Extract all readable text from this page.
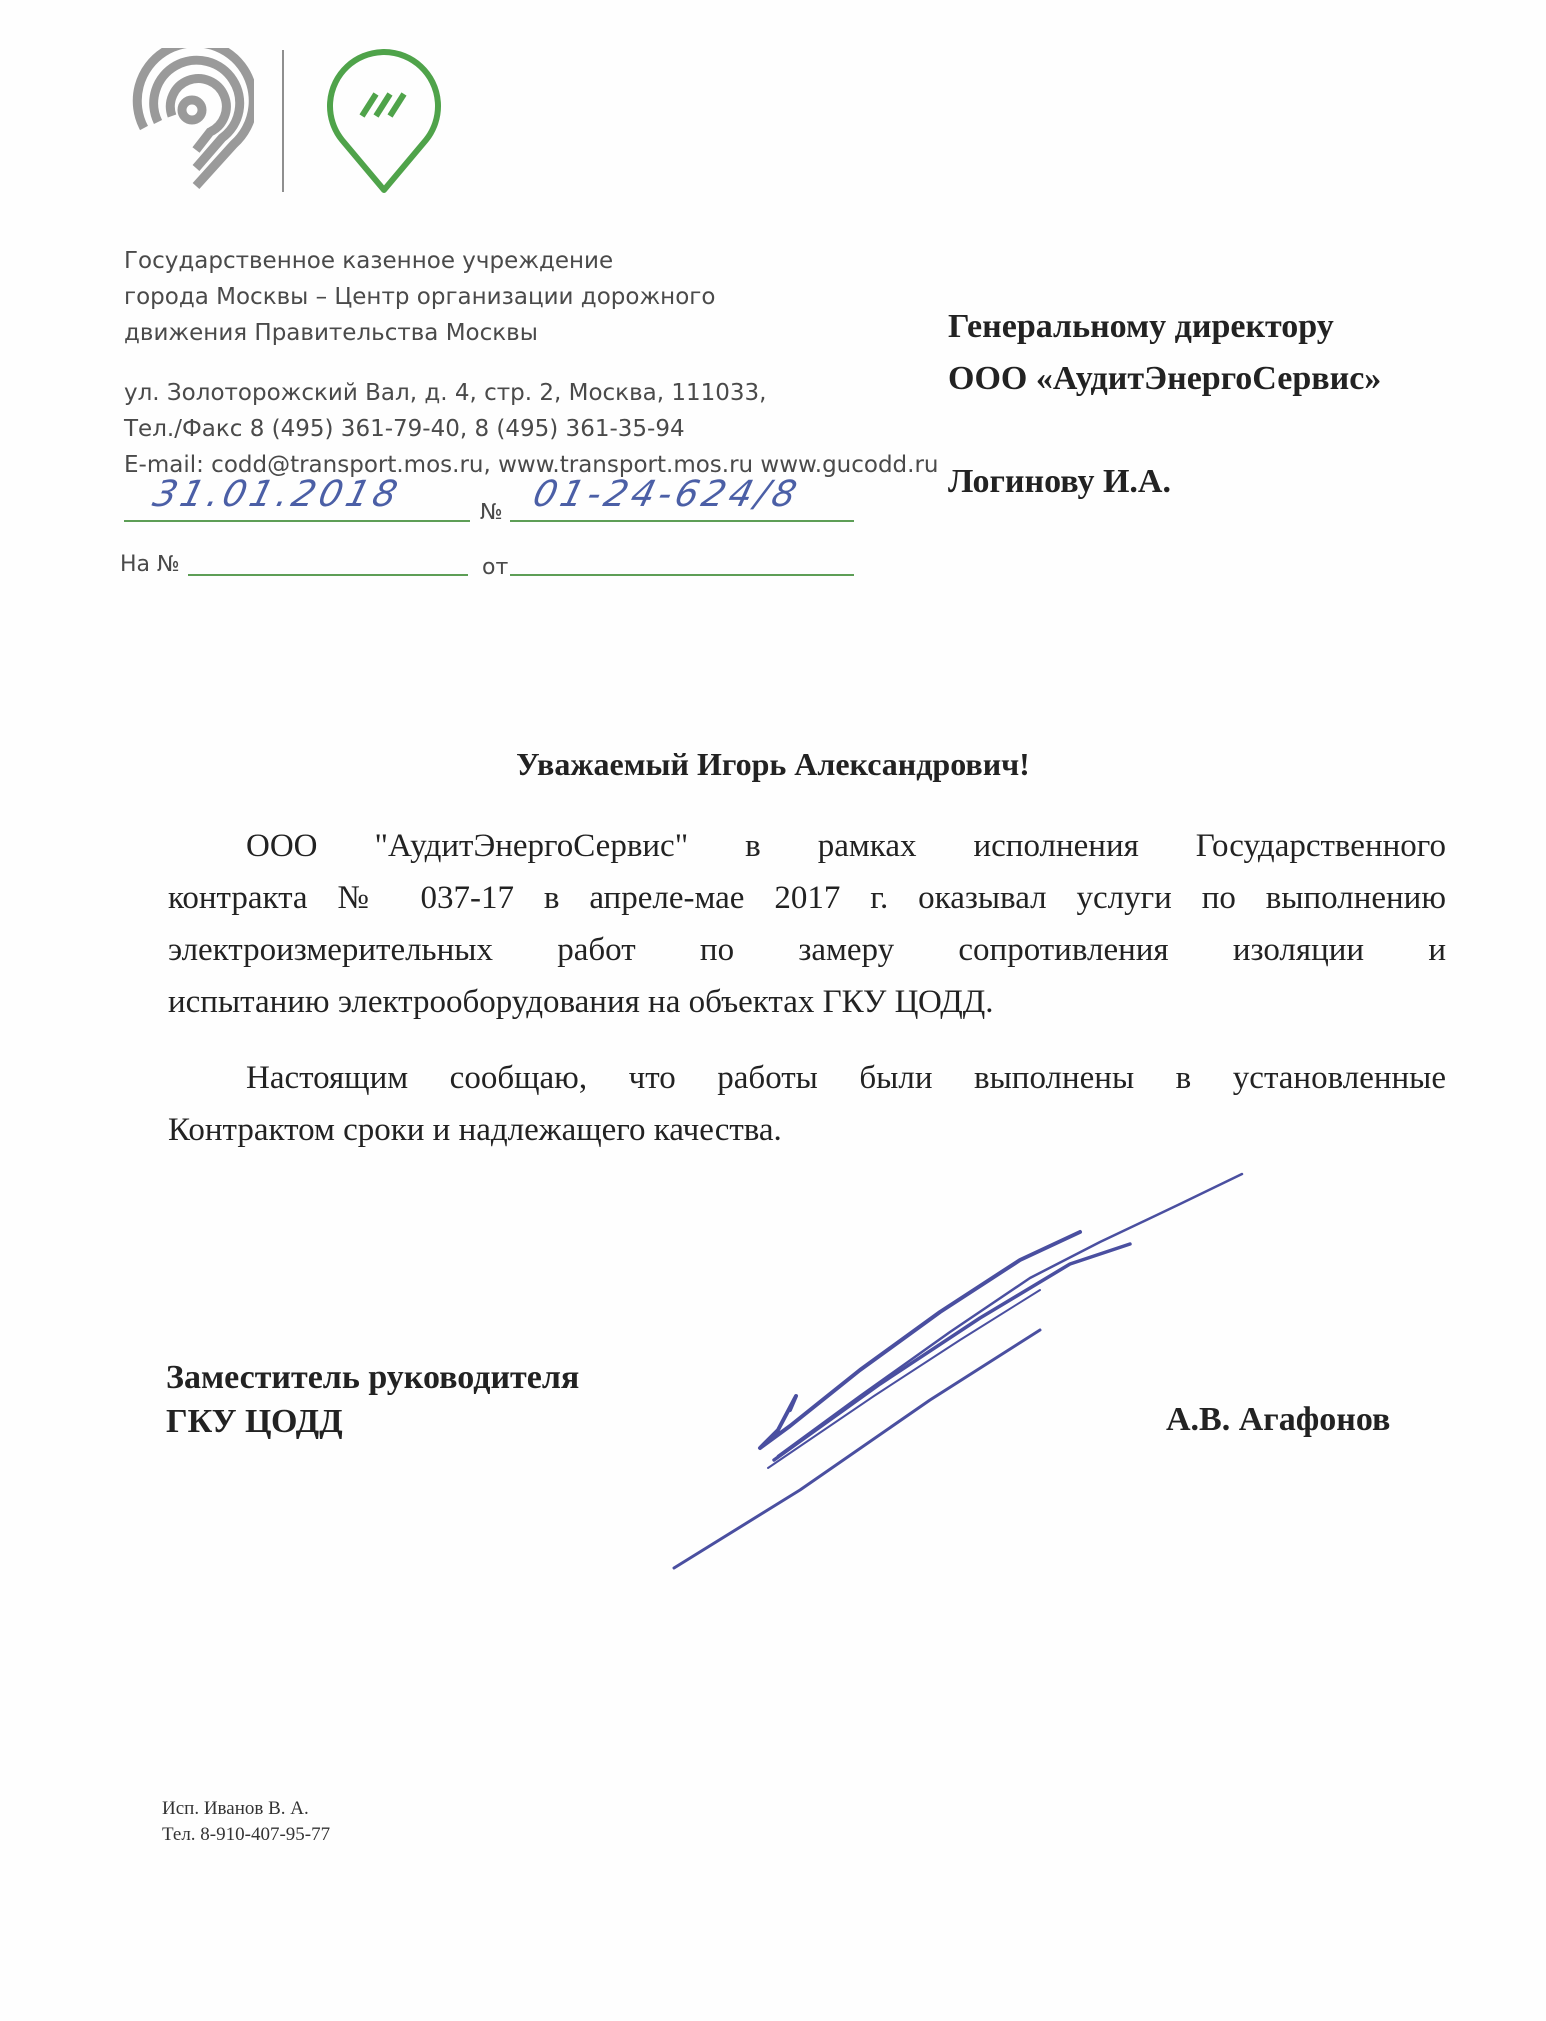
Государственное казенное учреждение
города Москвы – Центр организации дорожного
движения Правительства Москвы
ул. Золоторожский Вал, д. 4, стр. 2, Москва, 111033,
Тел./Факс 8 (495) 361-79-40, 8 (495) 361-35-94
E-mail: codd@transport.mos.ru, www.transport.mos.ru www.gucodd.ru
31.01.2018	№ 01-24-624/8
На №	от
Генеральному директору
ООО «АудитЭнергоСервис»
Логинову И.А.
Уважаемый Игорь Александрович!
ООО "АудитЭнергоСервис" в рамках исполнения Государственного
контракта № 037-17 в апреле-мае 2017 г. оказывал услуги по выполнению
электроизмерительных работ по замеру сопротивления изоляции и
испытанию электрооборудования на объектах ГКУ ЦОДД.
Настоящим сообщаю, что работы были выполнены в установленные
Контрактом сроки и надлежащего качества.
Заместитель руководителя
ГКУ ЦОДД	А.В. Агафонов
Исп. Иванов В. А.
Тел. 8-910-407-95-77
